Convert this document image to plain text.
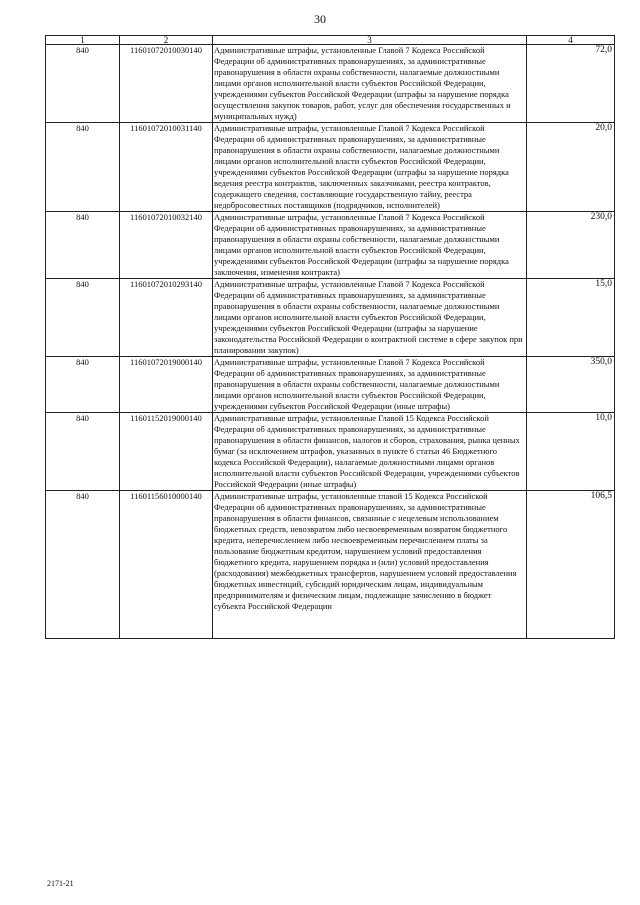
30
1	2	3	4
840	11601072010030140	Административные штрафы, установленные Главой 7 Кодекса Российской Федерации об административных правонарушениях, за административные правонарушения в области охраны собственности, налагаемые должностными лицами органов исполнительной власти субъектов Российской Федерации, учреждениями субъектов Российской Федерации (штрафы за нарушение порядка осуществления закупок товаров, работ, услуг для обеспечения государственных и муниципальных нужд)	72,0
840	11601072010031140	Административные штрафы, установленные Главой 7 Кодекса Российской Федерации об административных правонарушениях, за административные правонарушения в области охраны собственности, налагаемые должностными лицами органов исполнительной власти субъектов Российской Федерации, учреждениями субъектов Российской Федерации (штрафы за нарушение порядка ведения реестра контрактов, заключенных заказчиками, реестра контрактов, содержащего сведения, составляющие государственную тайну, реестра недобросовестных поставщиков (подрядчиков, исполнителей)	20,0
840	11601072010032140	Административные штрафы, установленные Главой 7 Кодекса Российской Федерации об административных правонарушениях, за административные правонарушения в области охраны собственности, налагаемые должностными лицами органов исполнительной власти субъектов Российской Федерации, учреждениями субъектов Российской Федерации (штрафы за нарушение порядка заключения, изменения контракта)	230,0
840	11601072010293140	Административные штрафы, установленные Главой 7 Кодекса Российской Федерации об административных правонарушениях, за административные правонарушения в области охраны собственности, налагаемые должностными лицами органов исполнительной власти субъектов Российской Федерации, учреждениями субъектов Российской Федерации (штрафы за нарушение законодательства Российской Федерации о контрактной системе в сфере закупок при планировании закупок)	15,0
840	11601072019000140	Административные штрафы, установленные Главой 7 Кодекса Российской Федерации об административных правонарушениях, за административные правонарушения в области охраны собственности, налагаемые должностными лицами органов исполнительной власти субъектов Российской Федерации, учреждениями субъектов Российской Федерации (иные штрафы)	350,0
840	11601152019000140	Административные штрафы, установленные Главой 15 Кодекса Российской Федерации об административных правонарушениях, за административные правонарушения в области финансов, налогов и сборов, страхования, рынка ценных бумаг (за исключением штрафов, указанных в пункте 6 статьи 46 Бюджетного кодекса Российской Федерации), налагаемые должностными лицами органов исполнительной власти субъектов Российской Федерации, учреждениями субъектов Российской Федерации (иные штрафы)	10,0
840	11601156010000140	Административные штрафы, установленные главой 15 Кодекса Российской Федерации об административных правонарушениях, за административные правонарушения в области финансов, связанные с нецелевым использованием бюджетных средств, невозвратом либо несвоевременным возвратом бюджетного кредита, неперечислением либо несвоевременным перечислением платы за пользование бюджетным кредитом, нарушением условий предоставления бюджетного кредита, нарушением порядка и (или) условий предоставления (расходования) межбюджетных трансфертов, нарушением условий предоставления бюджетных инвестиций, субсидий юридическим лицам, индивидуальным предпринимателям и физическим лицам, подлежащие зачислению в бюджет субъекта Российской Федерации	106,5
2171-21
